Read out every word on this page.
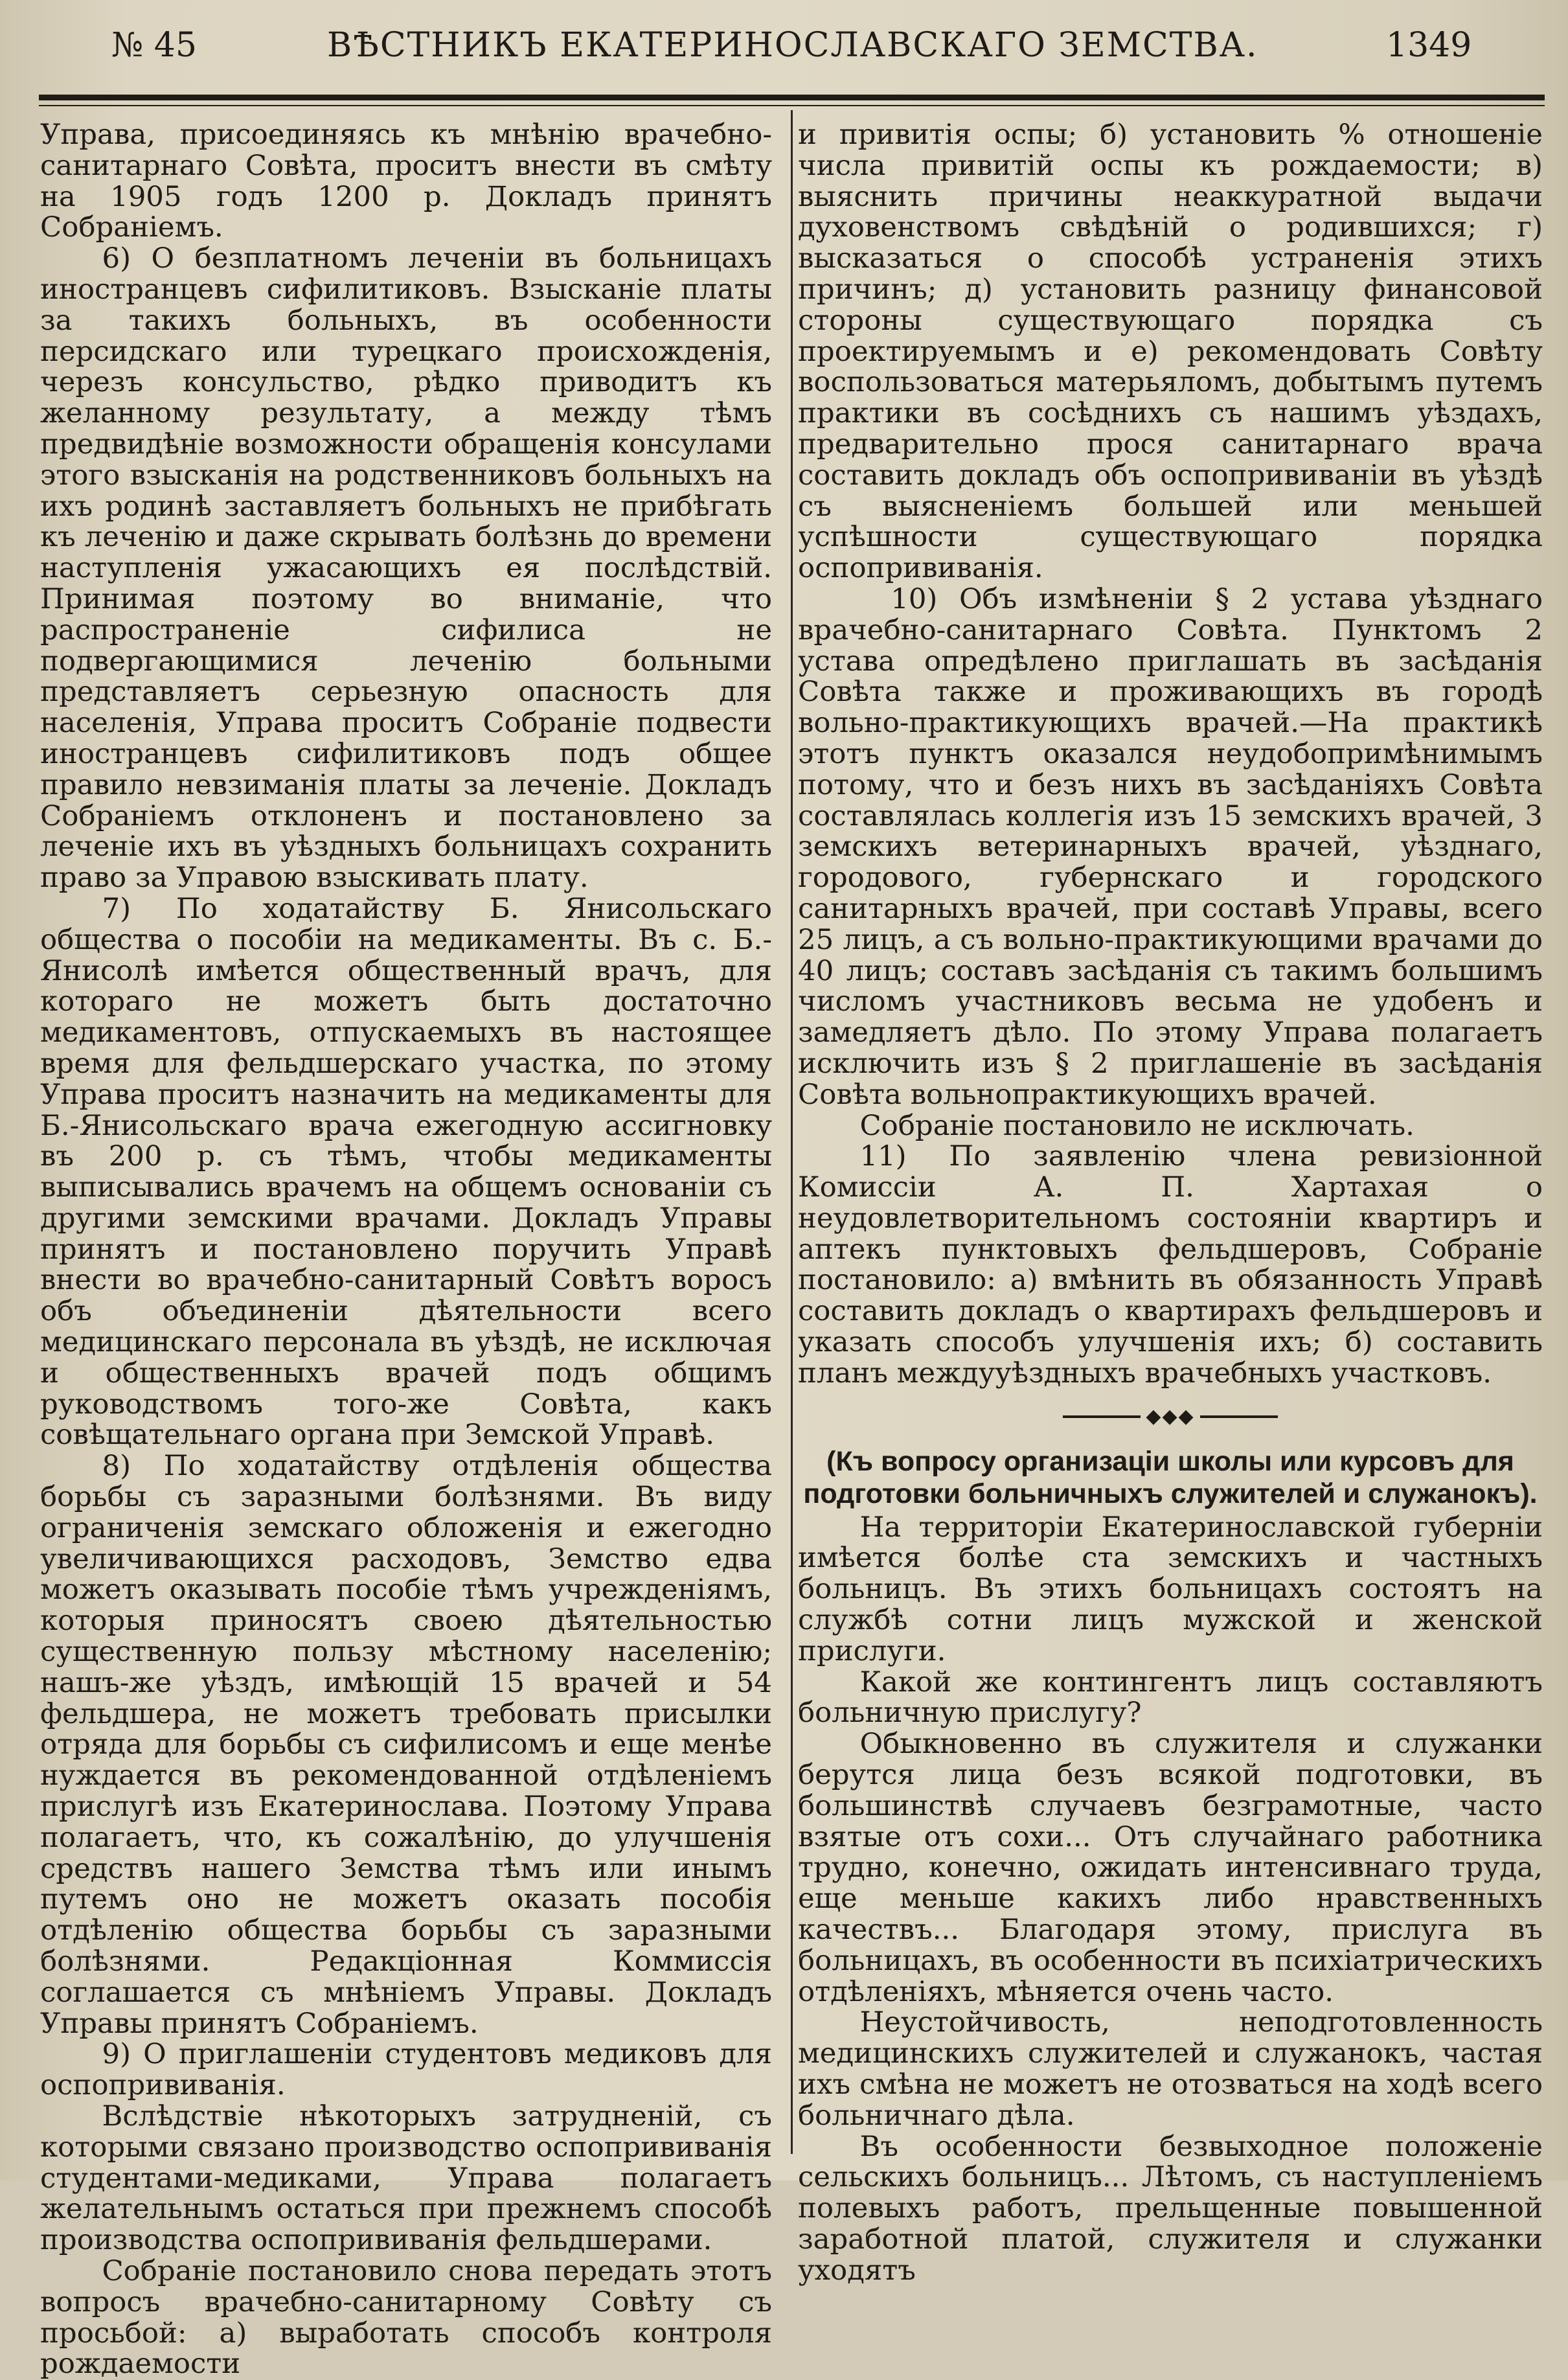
№ 45	ВѢСТНИКЪ ЕКАТЕРИНОСЛАВСКАГО ЗЕМСТВА.	1349

Управа, присоединяясь къ мнѣнію врачебно-санитарнаго Совѣта, проситъ внести въ смѣту на 1905 годъ 1200 р. Докладъ принятъ Собраніемъ.

6) О безплатномъ леченіи въ больницахъ иностранцевъ сифилитиковъ. Взысканіе платы за такихъ больныхъ, въ особенности персидскаго или турецкаго происхожденія, черезъ консульство, рѣдко приводитъ къ желанному результату, а между тѣмъ предвидѣніе возможности обращенія консулами этого взысканія на родственниковъ больныхъ на ихъ родинѣ заставляетъ больныхъ не прибѣгать къ леченію и даже скрывать болѣзнь до времени наступленія ужасающихъ ея послѣдствій. Принимая поэтому во вниманіе, что распространеніе сифилиса не подвергающимися леченію больными представляетъ серьезную опасность для населенія, Управа проситъ Собраніе подвести иностранцевъ сифилитиковъ подъ общее правило невзиманія платы за леченіе. Докладъ Собраніемъ отклоненъ и постановлено за леченіе ихъ въ уѣздныхъ больницахъ сохранить право за Управою взыскивать плату.

7) По ходатайству Б. Янисольскаго общества о пособіи на медикаменты. Въ с. Б.-Янисолѣ имѣется общественный врачъ, для котораго не можетъ быть достаточно медикаментовъ, отпускаемыхъ въ настоящее время для фельдшерскаго участка, по этому Управа проситъ назначить на медикаменты для Б.-Янисольскаго врача ежегодную ассигновку въ 200 р. съ тѣмъ, чтобы медикаменты выписывались врачемъ на общемъ основаніи съ другими земскими врачами. Докладъ Управы принятъ и постановлено поручить Управѣ внести во врачебно-санитарный Совѣтъ воросъ объ объединеніи дѣятельности всего медицинскаго персонала въ уѣздѣ, не исключая и общественныхъ врачей подъ общимъ руководствомъ того-же Совѣта, какъ совѣщательнаго органа при Земской Управѣ.

8) По ходатайству отдѣленія общества борьбы съ заразными болѣзнями. Въ виду ограниченія земскаго обложенія и ежегодно увеличивающихся расходовъ, Земство едва можетъ оказывать пособіе тѣмъ учрежденіямъ, которыя приносятъ своею дѣятельностью существенную пользу мѣстному населенію; нашъ-же уѣздъ, имѣющій 15 врачей и 54 фельдшера, не можетъ требовать присылки отряда для борьбы съ сифилисомъ и еще менѣе нуждается въ рекомендованной отдѣленіемъ прислугѣ изъ Екатеринослава. Поэтому Управа полагаетъ, что, къ сожалѣнію, до улучшенія средствъ нашего Земства тѣмъ или инымъ путемъ оно не можетъ оказать пособія отдѣленію общества борьбы съ заразными болѣзнями. Редакціонная Коммиссія соглашается съ мнѣніемъ Управы. Докладъ Управы принятъ Собраніемъ.

9) О приглашеніи студентовъ медиковъ для оспопрививанія.

Вслѣдствіе нѣкоторыхъ затрудненій, съ которыми связано производство оспопрививанія студентами-медиками, Управа полагаетъ желательнымъ остаться при прежнемъ способѣ производства оспопрививанія фельдшерами.

Собраніе постановило снова передать этотъ вопросъ врачебно-санитарному Совѣту съ просьбой: а) выработать способъ контроля рождаемости

и привитія оспы; б) установить % отношеніе числа привитій оспы къ рождаемости; в) выяснить причины неаккуратной выдачи духовенствомъ свѣдѣній о родившихся; г) высказаться о способѣ устраненія этихъ причинъ; д) установить разницу финансовой стороны существующаго порядка съ проектируемымъ и е) рекомендовать Совѣту воспользоваться матерьяломъ, добытымъ путемъ практики въ сосѣднихъ съ нашимъ уѣздахъ, предварительно прося санитарнаго врача составить докладъ объ оспопрививаніи въ уѣздѣ съ выясненіемъ большей или меньшей успѣшности существующаго порядка оспопрививанія.

10) Объ измѣненіи § 2 устава уѣзднаго врачебно-санитарнаго Совѣта. Пунктомъ 2 устава опредѣлено приглашать въ засѣданія Совѣта также и проживающихъ въ городѣ вольно-практикующихъ врачей.—На практикѣ этотъ пунктъ оказался неудобопримѣнимымъ потому, что и безъ нихъ въ засѣданіяхъ Совѣта составлялась коллегія изъ 15 земскихъ врачей, 3 земскихъ ветеринарныхъ врачей, уѣзднаго, городового, губернскаго и городского санитарныхъ врачей, при составѣ Управы, всего 25 лицъ, а съ вольно-практикующими врачами до 40 лицъ; составъ засѣданія съ такимъ большимъ числомъ участниковъ весьма не удобенъ и замедляетъ дѣло. По этому Управа полагаетъ исключить изъ § 2 приглашеніе въ засѣданія Совѣта вольнопрактикующихъ врачей.

Собраніе постановило не исключать.

11) По заявленію члена ревизіонной Комиссіи А. П. Хартахая о неудовлетворительномъ состояніи квартиръ и аптекъ пунктовыхъ фельдшеровъ, Собраніе постановило: а) вмѣнить въ обязанность Управѣ составить докладъ о квартирахъ фельдшеровъ и указать способъ улучшенія ихъ; б) составить планъ междууѣздныхъ врачебныхъ участковъ.

◆◆◆
(Къ вопросу организаціи школы или курсовъ для подготовки больничныхъ служителей и служанокъ).

На территоріи Екатеринославской губерніи имѣется болѣе ста земскихъ и частныхъ больницъ. Въ этихъ больницахъ состоятъ на службѣ сотни лицъ мужской и женской прислуги.

Какой же контингентъ лицъ составляютъ больничную прислугу?

Обыкновенно въ служителя и служанки берутся лица безъ всякой подготовки, въ большинствѣ случаевъ безграмотные, часто взятые отъ сохи... Отъ случайнаго работника трудно, конечно, ожидать интенсивнаго труда, еще меньше какихъ либо нравственныхъ качествъ... Благодаря этому, прислуга въ больницахъ, въ особенности въ психіатрическихъ отдѣленіяхъ, мѣняется очень часто.

Неустойчивость, неподготовленность медицинскихъ служителей и служанокъ, частая ихъ смѣна не можетъ не отозваться на ходѣ всего больничнаго дѣла.

Въ особенности безвыходное положеніе сельскихъ больницъ... Лѣтомъ, съ наступленіемъ полевыхъ работъ, прельщенные повышенной заработной платой, служителя и служанки уходятъ
